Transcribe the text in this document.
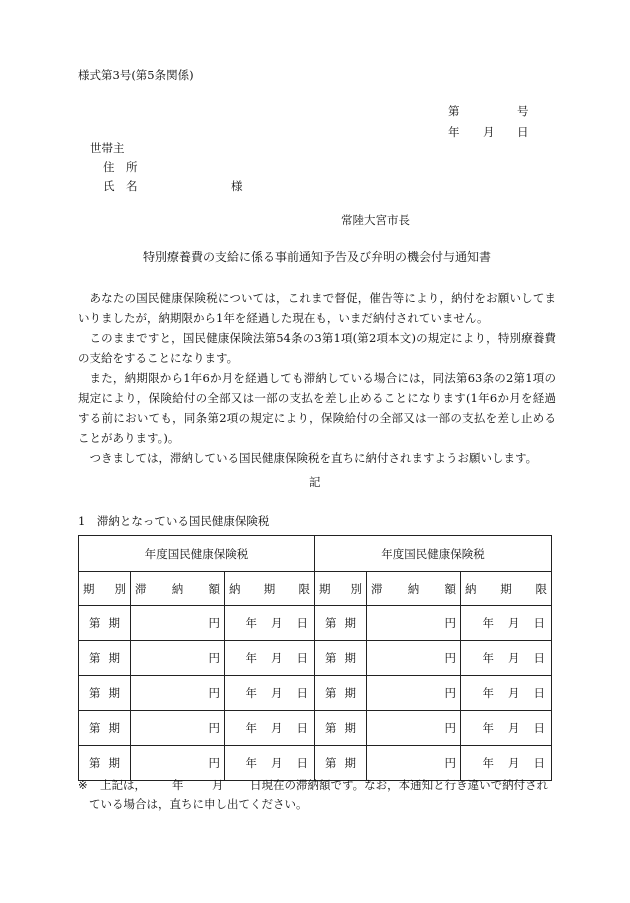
様式第3号(第5条関係)
第	号
年 月 日
世帯主
住　所
氏　名	様
常陸大宮市長
特別療養費の支給に係る事前通知予告及び弁明の機会付与通知書

あなたの国民健康保険税については，これまで督促，催告等により，納付をお願いしてまいりましたが，納期限から1年を経過した現在も，いまだ納付されていません。

このままですと，国民健康保険法第54条の3第1項(第2項本文)の規定により，特別療養費の支給をすることになります。

また，納期限から1年6か月を経過しても滞納している場合には，同法第63条の2第1項の規定により，保険給付の全部又は一部の支払を差し止めることになります(1年6か月を経過する前においても，同条第2項の規定により，保険給付の全部又は一部の支払を差し止めることがあります。)。

つきましては，滞納している国民健康保険税を直ちに納付されますようお願いします。

記
1　滞納となっている国民健康保険税
年度国民健康保険税			年度国民健康保険税		

期 別	滞 納 額	納 期 限	期 別	滞 納 額	納 期 限

第 期	円	年 月 日	第 期	円	年 月 日

第 期	円	年 月 日	第 期	円	年 月 日

第 期	円	年 月 日	第 期	円	年 月 日

第 期	円	年 月 日	第 期	円	年 月 日

第 期	円	年 月 日	第 期	円	年 月 日
※ 上記は， 年 月 日現在の滞納額です。なお，本通知と行き違いで納付され
ている場合は，直ちに申し出てください。
